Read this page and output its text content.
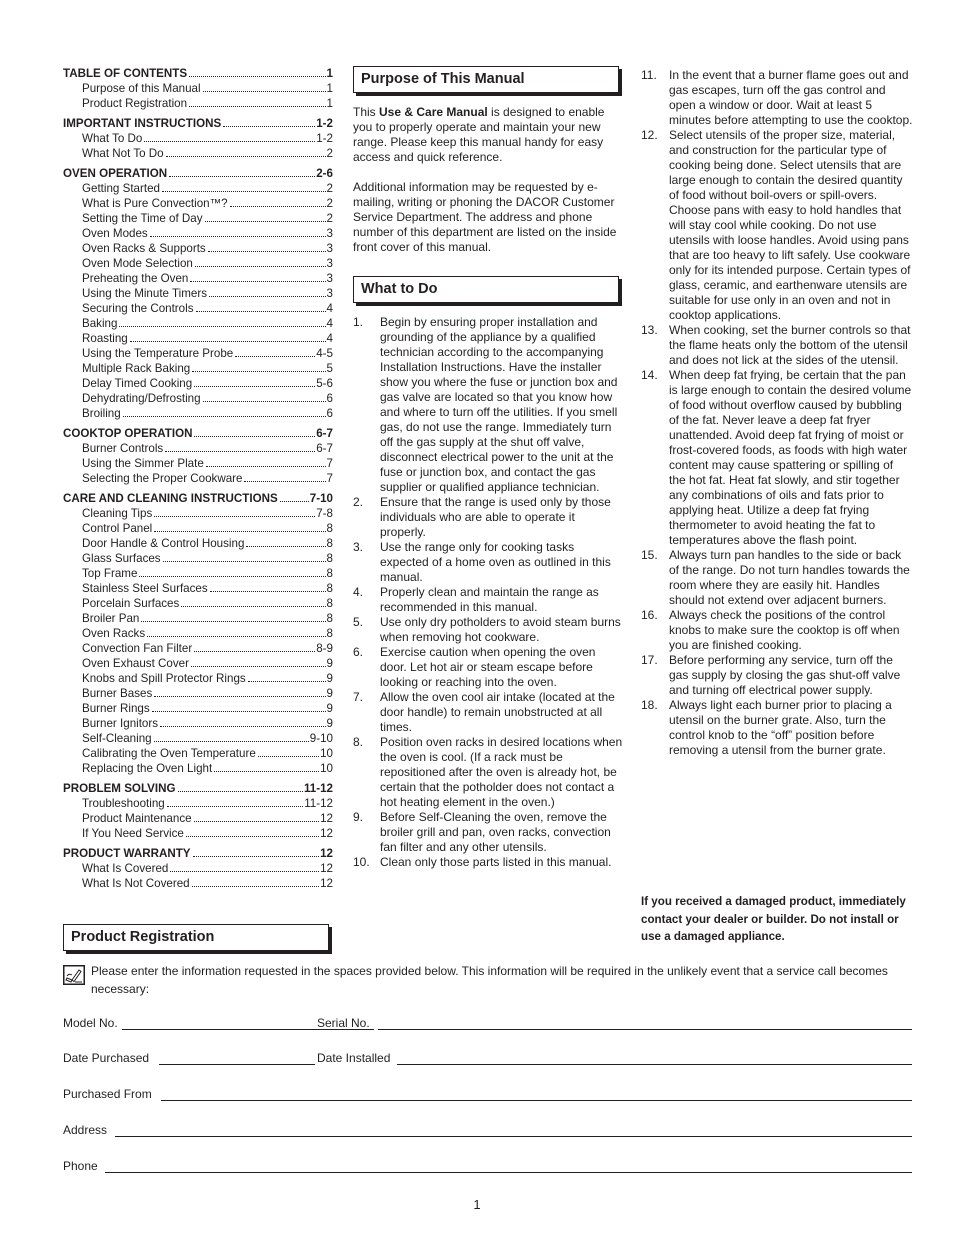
TABLE OF CONTENTS	1
Purpose of this Manual	1
Product Registration	1
IMPORTANT INSTRUCTIONS	1-2
What To Do	1-2
What Not To Do	2
OVEN OPERATION	2-6
Getting Started	2
What is Pure Convection™?	2
Setting the Time of Day	2
Oven Modes	3
Oven Racks & Supports	3
Oven Mode Selection	3
Preheating the Oven	3
Using the Minute Timers	3
Securing the Controls	4
Baking	4
Roasting	4
Using the Temperature Probe	4-5
Multiple Rack Baking	5
Delay Timed Cooking	5-6
Dehydrating/Defrosting	6
Broiling	6
COOKTOP OPERATION	6-7
Burner Controls	6-7
Using the Simmer Plate	7
Selecting the Proper Cookware	7
CARE AND CLEANING INSTRUCTIONS	7-10
Cleaning Tips	7-8
Control Panel	8
Door Handle & Control Housing	8
Glass Surfaces	8
Top Frame	8
Stainless Steel Surfaces	8
Porcelain Surfaces	8
Broiler Pan	8
Oven Racks	8
Convection Fan Filter	8-9
Oven Exhaust Cover	9
Knobs and Spill Protector Rings	9
Burner Bases	9
Burner Rings	9
Burner Ignitors	9
Self-Cleaning	9-10
Calibrating the Oven Temperature	10
Replacing the Oven Light	10
PROBLEM SOLVING	11-12
Troubleshooting	11-12
Product Maintenance	12
If You Need Service	12
PRODUCT WARRANTY	12
What Is Covered	12
What Is Not Covered	12
Purpose of This Manual

This Use & Care Manual is designed to enable you to properly operate and maintain your new range. Please keep this manual handy for easy access and quick reference.

Additional information may be requested by e-mailing, writing or phoning the DACOR Customer Service Department. The address and phone number of this department are listed on the inside front cover of this manual.

What to Do
1.	Begin by ensuring proper installation and grounding of the appliance by a qualified technician according to the accompanying Installation Instructions. Have the installer show you where the fuse or junction box and gas valve are located so that you know how and where to turn off the utilities. If you smell gas, do not use the range. Immediately turn off the gas supply at the shut off valve, disconnect electrical power to the unit at the fuse or junction box, and contact the gas supplier or qualified appliance technician.
2.	Ensure that the range is used only by those individuals who are able to operate it properly.
3.	Use the range only for cooking tasks expected of a home oven as outlined in this manual.
4.	Properly clean and maintain the range as recommended in this manual.
5.	Use only dry potholders to avoid steam burns when removing hot cookware.
6.	Exercise caution when opening the oven door. Let hot air or steam escape before looking or reaching into the oven.
7.	Allow the oven cool air intake (located at the door handle) to remain unobstructed at all times.
8.	Position oven racks in desired locations when the oven is cool. (If a rack must be repositioned after the oven is already hot, be certain that the potholder does not contact a hot heating element in the oven.)
9.	Before Self-Cleaning the oven, remove the broiler grill and pan, oven racks, convection fan filter and any other utensils.
10. Clean only those parts listed in this manual.
11.	In the event that a burner flame goes out and gas escapes, turn off the gas control and open a window or door. Wait at least 5 minutes before attempting to use the cooktop.
12. Select utensils of the proper size, material, and construction for the particular type of cooking being done. Select utensils that are large enough to contain the desired quantity of food without boil-overs or spill-overs. Choose pans with easy to hold handles that will stay cool while cooking. Do not use utensils with loose handles. Avoid using pans that are too heavy to lift safely. Use cookware only for its intended purpose. Certain types of glass, ceramic, and earthenware utensils are suitable for use only in an oven and not in cooktop applications.
13. When cooking, set the burner controls so that the flame heats only the bottom of the utensil and does not lick at the sides of the utensil.
14. When deep fat frying, be certain that the pan is large enough to contain the desired volume of food without overflow caused by bubbling of the fat. Never leave a deep fat fryer unattended. Avoid deep fat frying of moist or frost-covered foods, as foods with high water content may cause spattering or spilling of the hot fat. Heat fat slowly, and stir together any combinations of oils and fats prior to applying heat. Utilize a deep fat frying thermometer to avoid heating the fat to temperatures above the flash point.
15. Always turn pan handles to the side or back of the range. Do not turn handles towards the room where they are easily hit. Handles should not extend over adjacent burners.
16. Always check the positions of the control knobs to make sure the cooktop is off when you are finished cooking.
17. Before performing any service, turn off the gas supply by closing the gas shut-off valve and turning off electrical power supply.
18. Always light each burner prior to placing a utensil on the burner grate. Also, turn the control knob to the “off” position before removing a utensil from the burner grate.
If you received a damaged product, immediately contact your dealer or builder. Do not install or use a damaged appliance.
Product Registration
Please enter the information requested in the spaces provided below. This information will be required in the unlikely event that a service call becomes necessary:
Model No.	Serial No.
Date Purchased	Date Installed
Purchased From
Address
Phone
1
